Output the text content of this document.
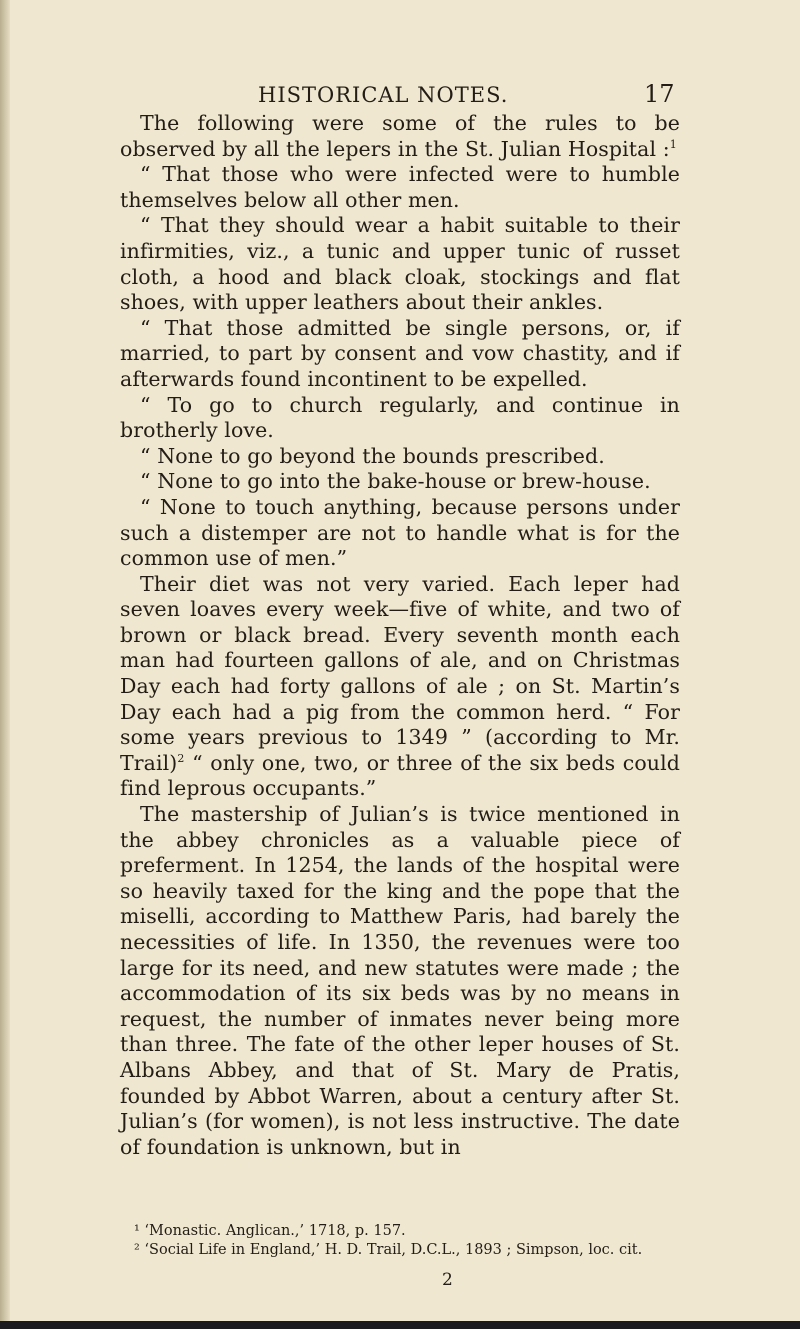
HISTORICAL NOTES.	17

The following were some of the rules to be observed by all the lepers in the St. Julian Hospital :$^1$

“ That those who were infected were to humble themselves below all other men.

“ That they should wear a habit suitable to their infirmities, viz., a tunic and upper tunic of russet cloth, a hood and black cloak, stockings and flat shoes, with upper leathers about their ankles.

“ That those admitted be single persons, or, if married, to part by consent and vow chastity, and if afterwards found incontinent to be expelled.

“ To go to church regularly, and continue in brotherly love.

“ None to go beyond the bounds prescribed.

“ None to go into the bake-house or brew-house.

“ None to touch anything, because persons under such a distemper are not to handle what is for the common use of men.”

Their diet was not very varied. Each leper had seven loaves every week—five of white, and two of brown or black bread. Every seventh month each man had fourteen gallons of ale, and on Christmas Day each had forty gallons of ale ; on St. Martin’s Day each had a pig from the common herd. “ For some years previous to 1349 ” (according to Mr. Trail)$^2$ “ only one, two, or three of the six beds could find leprous occupants.”

The mastership of Julian’s is twice mentioned in the abbey chronicles as a valuable piece of preferment. In 1254, the lands of the hospital were so heavily taxed for the king and the pope that the miselli, according to Matthew Paris, had barely the necessities of life. In 1350, the revenues were too large for its need, and new statutes were made ; the accommodation of its six beds was by no means in request, the number of inmates never being more than three. The fate of the other leper houses of St. Albans Abbey, and that of St. Mary de Pratis, founded by Abbot Warren, about a century after St. Julian’s (for women), is not less instructive. The date of foundation is unknown, but in

¹ ‘Monastic. Anglican.,’ 1718, p. 157.
² ‘Social Life in England,’ H. D. Trail, D.C.L., 1893 ; Simpson, loc. cit.
2
